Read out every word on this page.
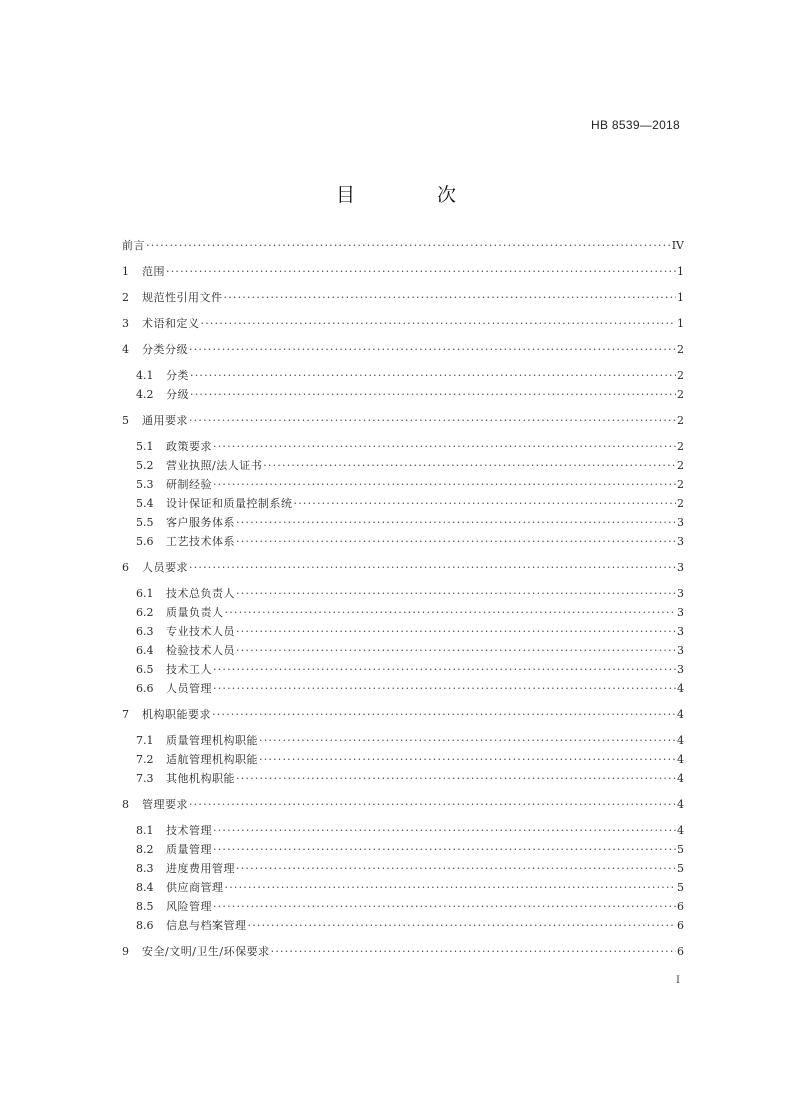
HB 8539—2018
目 次
前言 ·····	IV
1	范围 ·····	1
2	规范性引用文件 ·····	1
3	术语和定义 ·····	1
4	分类分级 ·····	2
4.1	分类 ·····	2
4.2	分级 ·····	2
5	通用要求 ·····	2
5.1	政策要求 ·····	2
5.2	营业执照/法人证书 ·····	2
5.3	研制经验 ·····	2
5.4	设计保证和质量控制系统 ·····	2
5.5	客户服务体系 ·····	3
5.6	工艺技术体系 ·····	3
6	人员要求 ·····	3
6.1	技术总负责人 ·····	3
6.2	质量负责人 ·····	3
6.3	专业技术人员 ·····	3
6.4	检验技术人员 ·····	3
6.5	技术工人 ·····	3
6.6	人员管理 ·····	4
7	机构职能要求 ·····	4
7.1	质量管理机构职能 ·····	4
7.2	适航管理机构职能 ·····	4
7.3	其他机构职能 ·····	4
8	管理要求 ·····	4
8.1	技术管理 ·····	4
8.2	质量管理 ·····	5
8.3	进度费用管理 ·····	5
8.4	供应商管理 ·····	5
8.5	风险管理 ·····	6
8.6	信息与档案管理 ·····	6
9	安全/文明/卫生/环保要求 ·····	6
I
